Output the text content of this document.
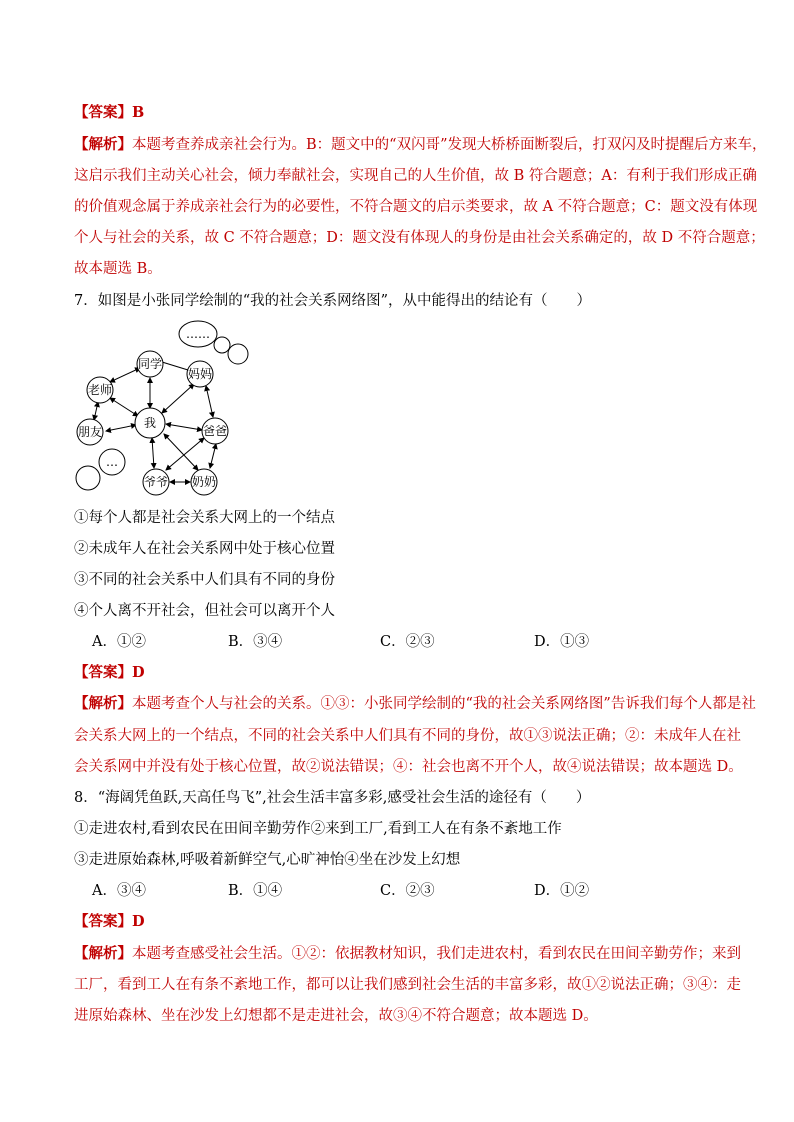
【答案】B
【解析】本题考查养成亲社会行为。B：题文中的“双闪哥”发现大桥桥面断裂后，打双闪及时提醒后方来车，
这启示我们主动关心社会，倾力奉献社会，实现自己的人生价值，故 B 符合题意；A：有利于我们形成正确
的价值观念属于养成亲社会行为的必要性，不符合题文的启示类要求，故 A 不符合题意；C：题文没有体现
个人与社会的关系，故 C 不符合题意；D：题文没有体现人的身份是由社会关系确定的，故 D 不符合题意；
故本题选 B。
7．如图是小张同学绘制的“我的社会关系网络图”，从中能得出的结论有（　　）
……
同学
妈妈
老师
我
朋友	爸爸
…
爷爷 奶奶
①每个人都是社会关系大网上的一个结点
②未成年人在社会关系网中处于核心位置
③不同的社会关系中人们具有不同的身份
④个人离不开社会，但社会可以离开个人
A．①②	B．③④	C．②③	D．①③
【答案】D
【解析】本题考查个人与社会的关系。①③：小张同学绘制的“我的社会关系网络图”告诉我们每个人都是社
会关系大网上的一个结点，不同的社会关系中人们具有不同的身份，故①③说法正确；②：未成年人在社
会关系网中并没有处于核心位置，故②说法错误；④：社会也离不开个人，故④说法错误；故本题选 D。
8．“海阔凭鱼跃,天高任鸟飞”,社会生活丰富多彩,感受社会生活的途径有（　　）
①走进农村,看到农民在田间辛勤劳作②来到工厂,看到工人在有条不紊地工作
③走进原始森林,呼吸着新鲜空气,心旷神怡④坐在沙发上幻想
A．③④	B．①④	C．②③	D．①②
【答案】D
【解析】本题考查感受社会生活。①②：依据教材知识，我们走进农村，看到农民在田间辛勤劳作；来到
工厂，看到工人在有条不紊地工作，都可以让我们感到社会生活的丰富多彩，故①②说法正确；③④：走
进原始森林、坐在沙发上幻想都不是走进社会，故③④不符合题意；故本题选 D。
